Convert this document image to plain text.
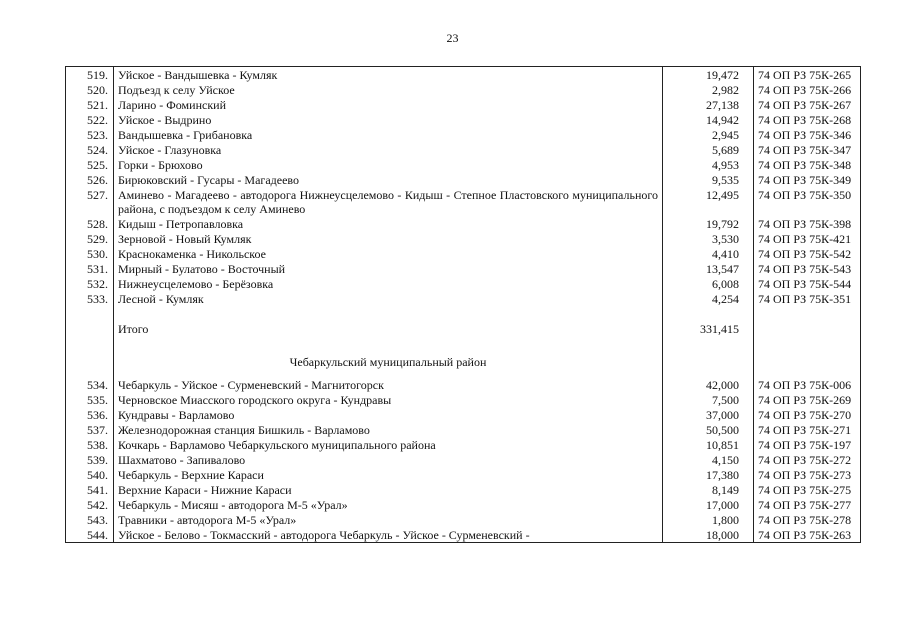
23
519.	Уйское - Вандышевка - Кумляк	19,472	74 ОП РЗ 75К-265
520.	Подъезд к селу Уйское	2,982	74 ОП РЗ 75К-266
521.	Ларино - Фоминский	27,138	74 ОП РЗ 75К-267
522.	Уйское - Выдрино	14,942	74 ОП РЗ 75К-268
523.	Вандышевка - Грибановка	2,945	74 ОП РЗ 75К-346
524.	Уйское - Глазуновка	5,689	74 ОП РЗ 75К-347
525.	Горки - Брюхово	4,953	74 ОП РЗ 75К-348
526.	Бирюковский - Гусары - Магадеево	9,535	74 ОП РЗ 75К-349
527.	Аминево - Магадеево - автодорога Нижнеусцелемово - Кидыш - Степное Пластовского муниципального района, с подъездом к селу Аминево	12,495	74 ОП РЗ 75К-350
528.	Кидыш - Петропавловка	19,792	74 ОП РЗ 75К-398
529.	Зерновой - Новый Кумляк	3,530	74 ОП РЗ 75К-421
530.	Краснокаменка - Никольское	4,410	74 ОП РЗ 75К-542
531.	Мирный - Булатово - Восточный	13,547	74 ОП РЗ 75К-543
532.	Нижнеусцелемово - Берёзовка	6,008	74 ОП РЗ 75К-544
533.	Лесной - Кумляк	4,254	74 ОП РЗ 75К-351

	Итого	331,415	
	Чебаркульский муниципальный район		
534.	Чебаркуль - Уйское - Сурменевский - Магнитогорск	42,000	74 ОП РЗ 75К-006
535.	Черновское Миасского городского округа - Кундравы	7,500	74 ОП РЗ 75К-269
536.	Кундравы - Варламово	37,000	74 ОП РЗ 75К-270
537.	Железнодорожная станция Бишкиль - Варламово	50,500	74 ОП РЗ 75К-271
538.	Кочкарь - Варламово Чебаркульского муниципального района	10,851	74 ОП РЗ 75К-197
539.	Шахматово - Запивалово	4,150	74 ОП РЗ 75К-272
540.	Чебаркуль - Верхние Караси	17,380	74 ОП РЗ 75К-273
541.	Верхние Караси - Нижние Караси	8,149	74 ОП РЗ 75К-275
542.	Чебаркуль - Мисяш - автодорога М-5 «Урал»	17,000	74 ОП РЗ 75К-277
543.	Травники - автодорога М-5 «Урал»	1,800	74 ОП РЗ 75К-278
544.	Уйское - Белово - Токмасский - автодорога Чебаркуль - Уйское - Сурменевский -	18,000	74 ОП РЗ 75К-263
